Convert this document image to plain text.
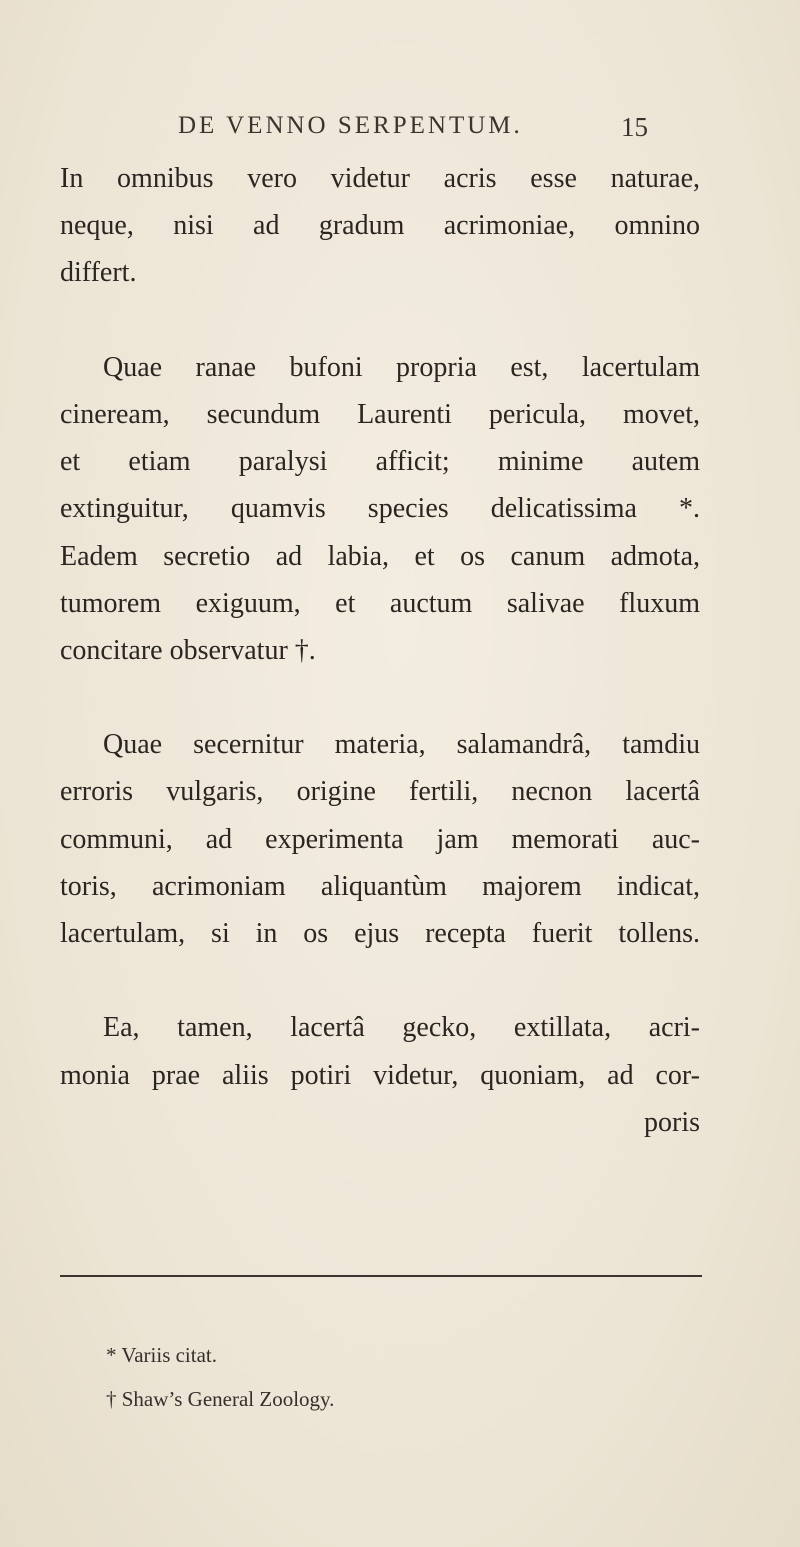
DE VENNO SERPENTUM.	15
In omnibus vero videtur acris esse naturae,
neque, nisi ad gradum acrimoniae, omnino
differt.
Quae ranae bufoni propria est, lacertulam
cineream, secundum Laurenti pericula, movet,
et etiam paralysi afficit; minime autem
extinguitur, quamvis species delicatissima *.
Eadem secretio ad labia, et os canum admota,
tumorem exiguum, et auctum salivae fluxum
concitare observatur †.
Quae secernitur materia, salamandrâ, tamdiu
erroris vulgaris, origine fertili, necnon lacertâ
communi, ad experimenta jam memorati auc-
toris, acrimoniam aliquantùm majorem indicat,
lacertulam, si in os ejus recepta fuerit tollens.
Ea, tamen, lacertâ gecko, extillata, acri-
monia prae aliis potiri videtur, quoniam, ad cor-
poris
* Variis citat.
† Shaw’s General Zoology.
